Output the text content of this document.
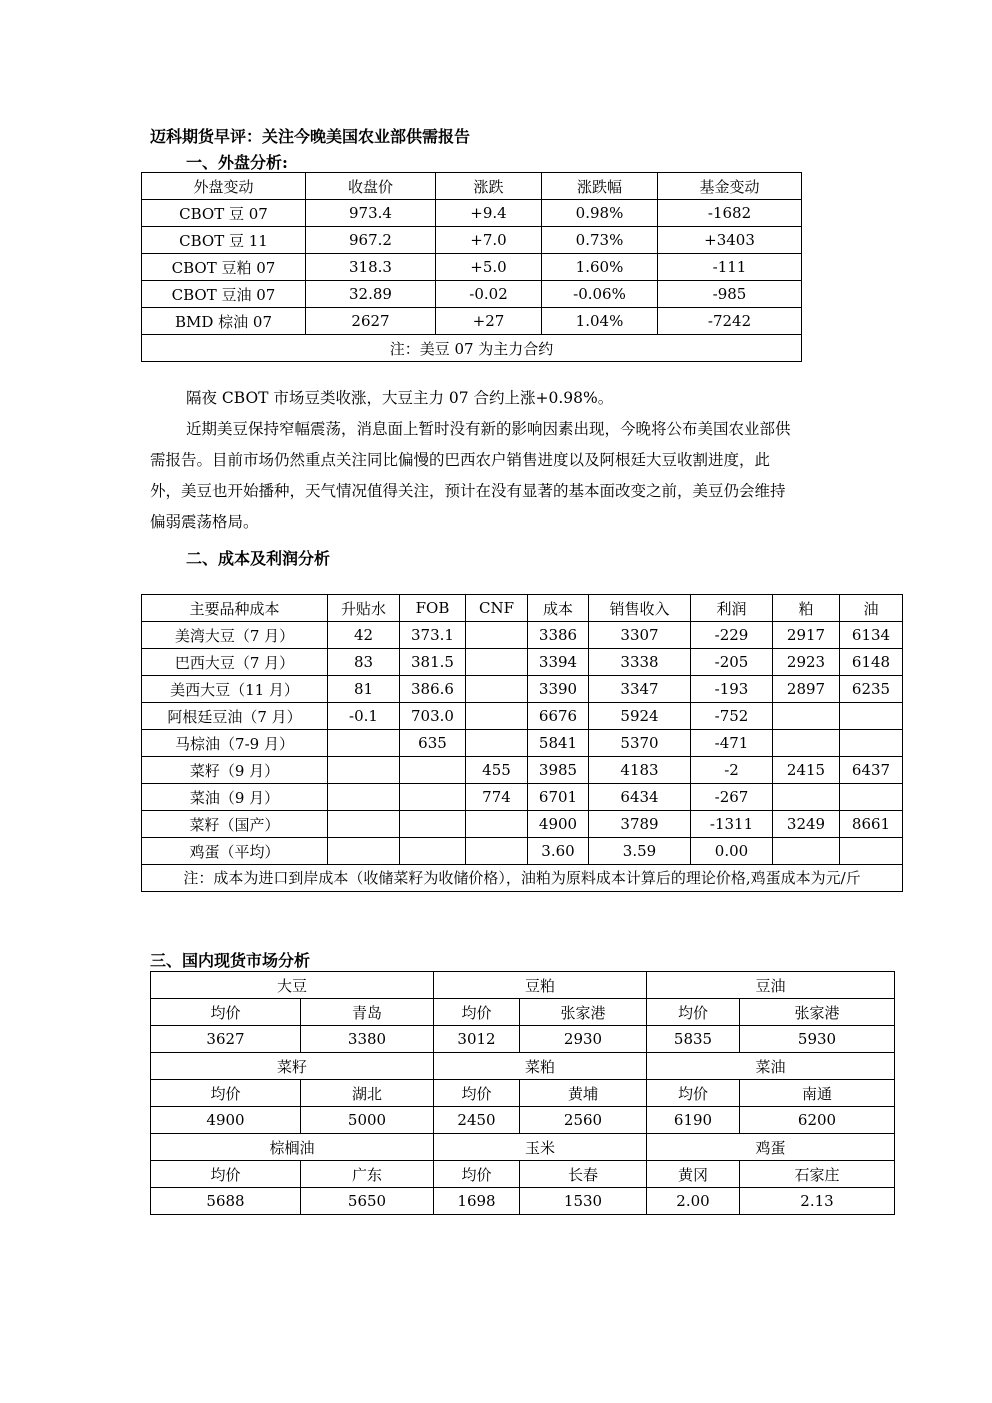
迈科期货早评：关注今晚美国农业部供需报告
一、外盘分析:
外盘变动	收盘价	涨跌	涨跌幅	基金变动
CBOT 豆 07	973.4	+9.4	0.98%	-1682
CBOT 豆 11	967.2	+7.0	0.73%	+3403
CBOT 豆粕 07	318.3	+5.0	1.60%	-111
CBOT 豆油 07	32.89	-0.02	-0.06%	-985
BMD 棕油 07	2627	+27	1.04%	-7242
注：美豆 07 为主力合约				
隔夜 CBOT 市场豆类收涨，大豆主力 07 合约上涨+0.98%。
近期美豆保持窄幅震荡，消息面上暂时没有新的影响因素出现，今晚将公布美国农业部供需报告。目前市场仍然重点关注同比偏慢的巴西农户销售进度以及阿根廷大豆收割进度，此外，美豆也开始播种，天气情况值得关注，预计在没有显著的基本面改变之前，美豆仍会维持偏弱震荡格局。
二、成本及利润分析
主要品种成本	升贴水	FOB	CNF	成本	销售收入	利润	粕	油
美湾大豆（7 月）	42	373.1		3386	3307	-229	2917	6134
巴西大豆（7 月）	83	381.5		3394	3338	-205	2923	6148
美西大豆（11 月）	81	386.6		3390	3347	-193	2897	6235
阿根廷豆油（7 月）	-0.1	703.0		6676	5924	-752		
马棕油（7-9 月）		635		5841	5370	-471		
菜籽（9 月）			455	3985	4183	-2	2415	6437
菜油（9 月）			774	6701	6434	-267		
菜籽（国产）				4900	3789	-1311	3249	8661
鸡蛋（平均）				3.60	3.59	0.00		
注：成本为进口到岸成本（收储菜籽为收储价格），油粕为原料成本计算后的理论价格,鸡蛋成本为元/斤								
三、国内现货市场分析
大豆		豆粕		豆油	
均价	青岛	均价	张家港	均价	张家港
3627	3380	3012	2930	5835	5930
菜籽		菜粕		菜油	
均价	湖北	均价	黄埔	均价	南通
4900	5000	2450	2560	6190	6200
棕榈油		玉米		鸡蛋	
均价	广东	均价	长春	黄冈	石家庄
5688	5650	1698	1530	2.00	2.13
